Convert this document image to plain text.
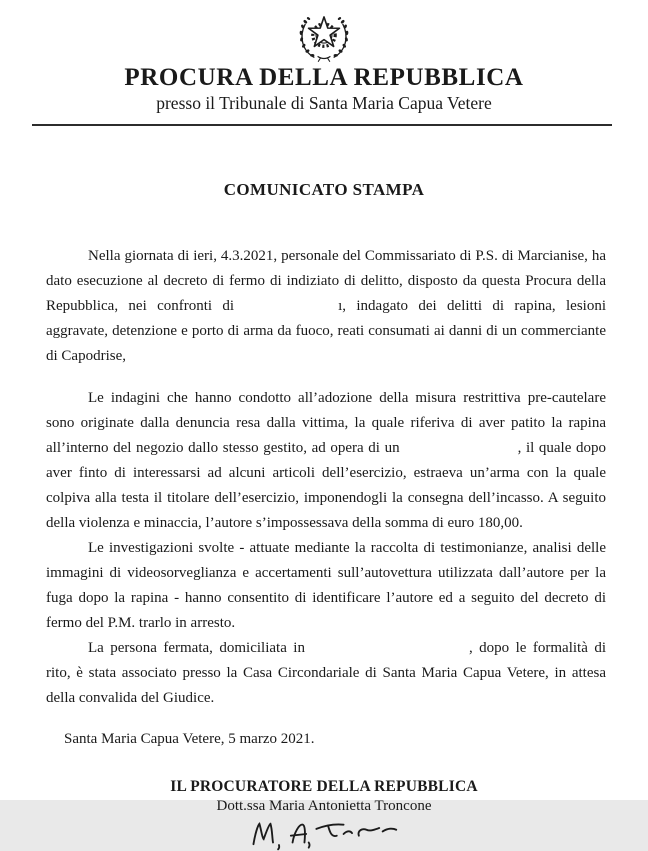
PROCURA DELLA REPUBBLICA
presso il Tribunale di Santa Maria Capua Vetere
COMUNICATO STAMPA

Nella giornata di ieri, 4.3.2021, personale del Commissariato di P.S. di Marcianise, ha dato esecuzione al decreto di fermo di indiziato di delitto, disposto da questa Procura della Repubblica, nei confronti di	ı, indagato dei delitti di rapina, lesioni aggravate, detenzione e porto di arma da fuoco, reati consumati ai danni di un commerciante di Capodrise,

Le indagini che hanno condotto all’adozione della misura restrittiva pre-cautelare sono originate dalla denuncia resa dalla vittima, la quale riferiva di aver patito la rapina all’interno del negozio dallo stesso gestito, ad opera di un	, il quale dopo aver finto di interessarsi ad alcuni articoli dell’esercizio, estraeva un’arma con la quale colpiva alla testa il titolare dell’esercizio, imponendogli la consegna dell’incasso. A seguito della violenza e minaccia, l’autore s’impossessava della somma di euro 180,00.

Le investigazioni svolte - attuate mediante la raccolta di testimonianze, analisi delle immagini di videosorveglianza e accertamenti sull’autovettura utilizzata dall’autore per la fuga dopo la rapina - hanno consentito di identificare l’autore ed a seguito del decreto di fermo del P.M. trarlo in arresto.

La persona fermata, domiciliata in	, dopo le formalità di rito, è stata associato presso la Casa Circondariale di Santa Maria Capua Vetere, in attesa della convalida del Giudice.

Santa Maria Capua Vetere, 5 marzo 2021.

IL PROCURATORE DELLA REPUBBLICA

Dott.ssa Maria Antonietta Troncone
